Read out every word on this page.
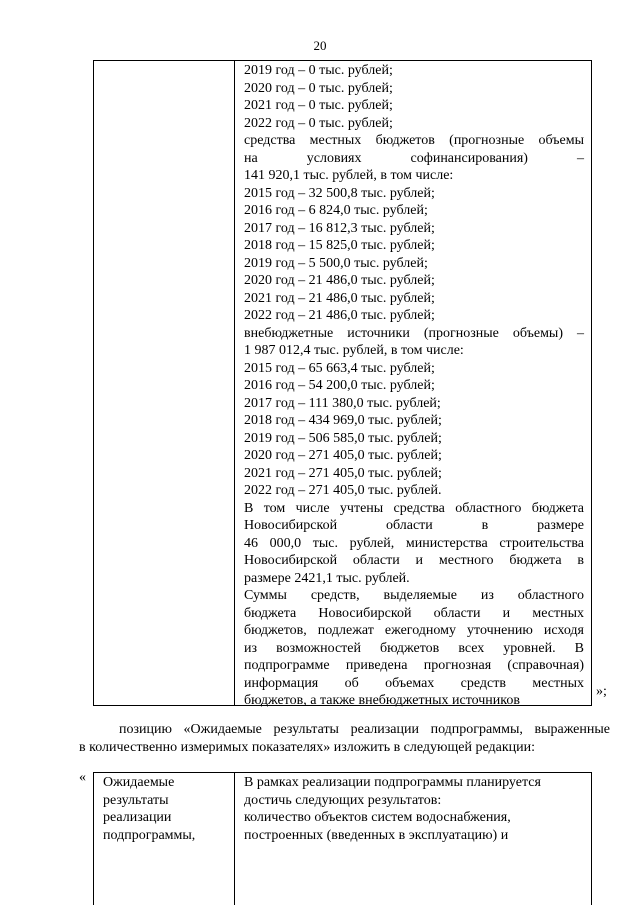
20
2019 год – 0 тыс. рублей;
2020 год – 0 тыс. рублей;
2021 год – 0 тыс. рублей;
2022 год – 0 тыс. рублей;
средства местных бюджетов (прогнозные объемы
на условиях софинансирования) –
141 920,1 тыс. рублей, в том числе:
2015 год – 32 500,8 тыс. рублей;
2016 год – 6 824,0 тыс. рублей;
2017 год – 16 812,3 тыс. рублей;
2018 год – 15 825,0 тыс. рублей;
2019 год – 5 500,0 тыс. рублей;
2020 год – 21 486,0 тыс. рублей;
2021 год – 21 486,0 тыс. рублей;
2022 год – 21 486,0 тыс. рублей;
внебюджетные источники (прогнозные объемы) –
1 987 012,4 тыс. рублей, в том числе:
2015 год – 65 663,4 тыс. рублей;
2016 год – 54 200,0 тыс. рублей;
2017 год – 111 380,0 тыс. рублей;
2018 год – 434 969,0 тыс. рублей;
2019 год – 506 585,0 тыс. рублей;
2020 год – 271 405,0 тыс. рублей;
2021 год – 271 405,0 тыс. рублей;
2022 год – 271 405,0 тыс. рублей.
В том числе учтены средства областного бюджета
Новосибирской области в размере
46 000,0 тыс. рублей, министерства строительства
Новосибирской области и местного бюджета в
размере 2421,1 тыс. рублей.
Суммы средств, выделяемые из областного
бюджета Новосибирской области и местных
бюджетов, подлежат ежегодному уточнению исходя
из возможностей бюджетов всех уровней. В
подпрограмме приведена прогнозная (справочная)
информация об объемах средств местных
бюджетов, а также внебюджетных источников
»;
позицию «Ожидаемые результаты реализации подпрограммы, выраженные
в количественно измеримых показателях» изложить в следующей редакции:
« Ожидаемые
результаты
реализации
подпрограммы,
В рамках реализации подпрограммы планируется
достичь следующих результатов:
количество объектов систем водоснабжения,
построенных (введенных в эксплуатацию) и
